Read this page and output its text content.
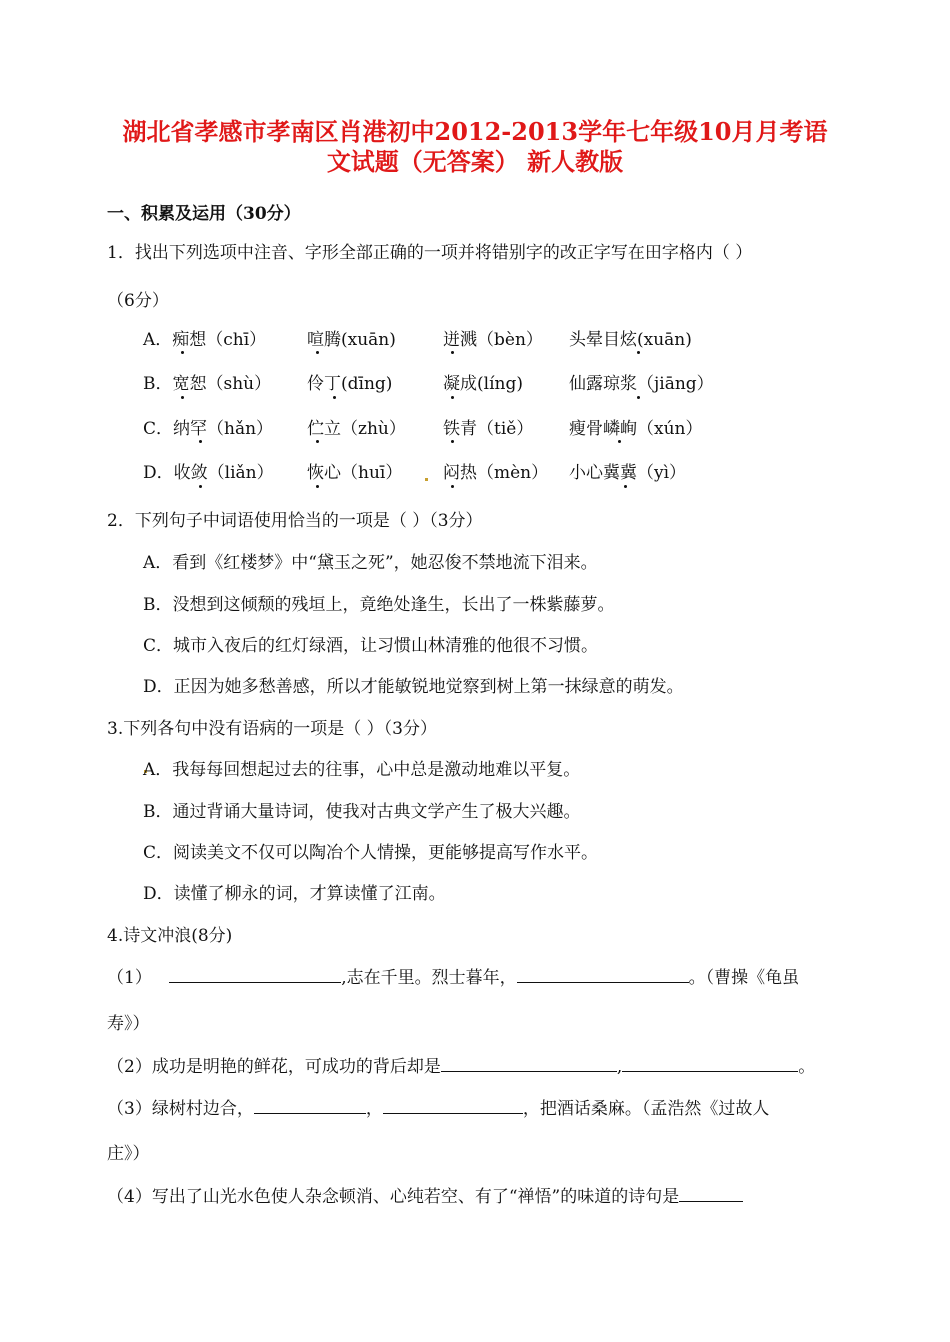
湖北省孝感市孝南区肖港初中2012-2013学年七年级10月月考语
文试题（无答案） 新人教版
一、积累及运用（30分）
1．找出下列选项中注音、字形全部正确的一项并将错别字的改正字写在田字格内（ ）
（6分）
A．痴想（chī） 喧腾(xuān)	迸溅（bèn） 头晕目炫(xuān)
B．宽恕（shù） 伶丁(dīng)	凝成(líng)	仙露琼浆（jiāng）
C．纳罕（hǎn） 伫立（zhù） 铁青（tiě） 瘦骨嶙峋（xún）
D．收敛（liǎn） 恢心（huī） 闷热（mèn） 小心冀冀（yì）
2．下列句子中词语使用恰当的一项是（ ）（3分）
A．看到《红楼梦》中“黛玉之死”，她忍俊不禁地流下泪来。
B．没想到这倾颓的残垣上，竟绝处逢生，长出了一株紫藤萝。
C．城市入夜后的红灯绿酒，让习惯山林清雅的他很不习惯。
D．正因为她多愁善感，所以才能敏锐地觉察到树上第一抹绿意的萌发。
3.下列各句中没有语病的一项是（ ）（3分）
A．我每每回想起过去的往事，心中总是激动地难以平复。
B．通过背诵大量诗词，使我对古典文学产生了极大兴趣。
C．阅读美文不仅可以陶冶个人情操，更能够提高写作水平。
D．读懂了柳永的词，才算读懂了江南。
4.诗文冲浪(8分)
（1）	,志在千里。烈士暮年，	。（曹操《龟虽
寿》）
（2）成功是明艳的鲜花，可成功的背后却是	,	。
（3）绿树村边合，	，	，把酒话桑麻。（孟浩然《过故人
庄》）
（4）写出了山光水色使人杂念顿消、心纯若空、有了“禅悟”的味道的诗句是
